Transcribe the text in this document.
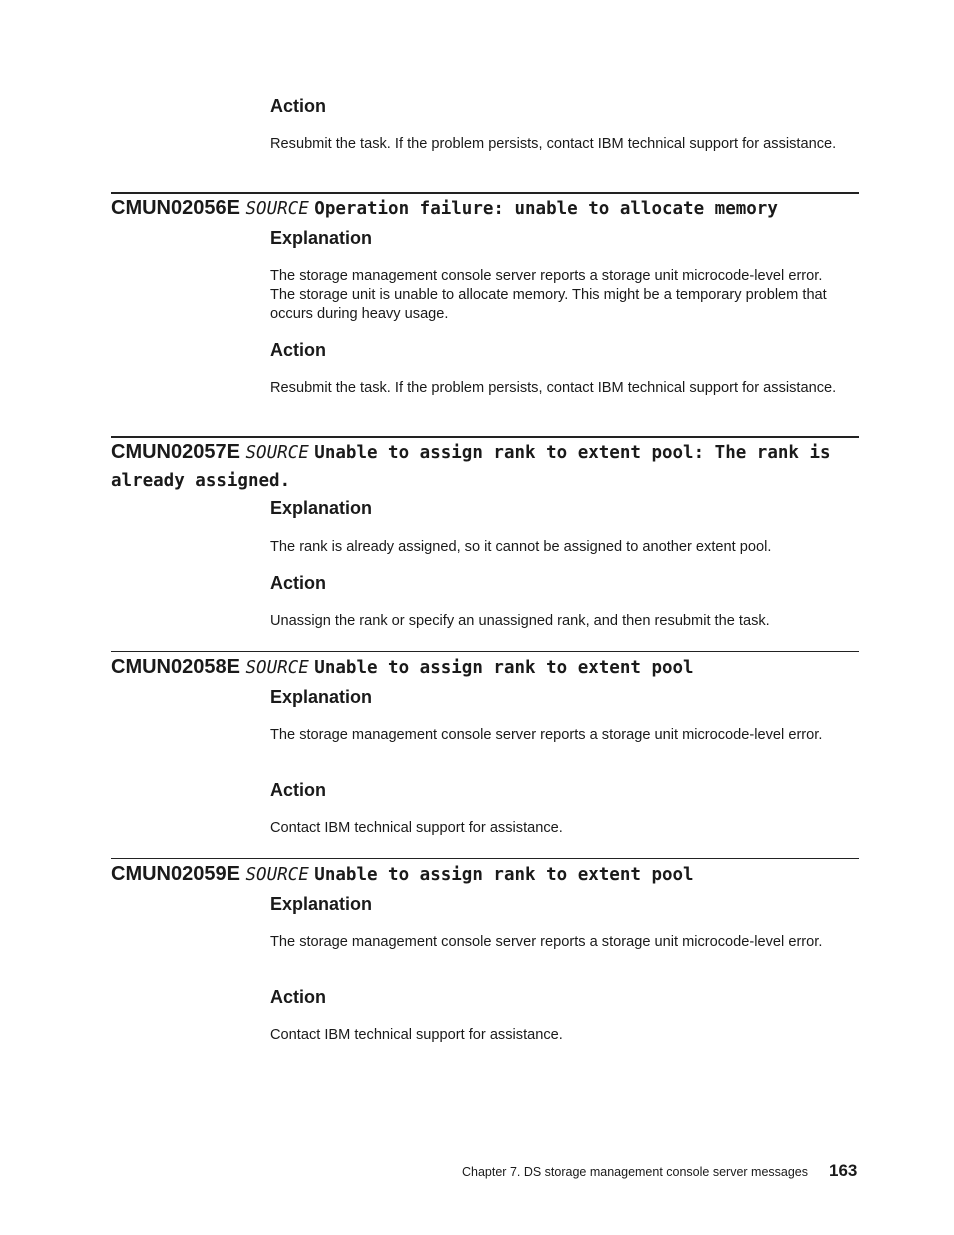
Action

Resubmit the task. If the problem persists, contact IBM technical support for assistance.

CMUN02056E SOURCE Operation failure: unable to allocate memory
Explanation

The storage management console server reports a storage unit microcode-level error. The storage unit is unable to allocate memory. This might be a temporary problem that occurs during heavy usage.

Action

Resubmit the task. If the problem persists, contact IBM technical support for assistance.

CMUN02057E SOURCE Unable to assign rank to extent pool: The rank is already assigned.
Explanation

The rank is already assigned, so it cannot be assigned to another extent pool.

Action

Unassign the rank or specify an unassigned rank, and then resubmit the task.

CMUN02058E SOURCE Unable to assign rank to extent pool
Explanation

The storage management console server reports a storage unit microcode-level error.

Action

Contact IBM technical support for assistance.

CMUN02059E SOURCE Unable to assign rank to extent pool
Explanation

The storage management console server reports a storage unit microcode-level error.

Action

Contact IBM technical support for assistance.

Chapter 7. DS storage management console server messages 163
